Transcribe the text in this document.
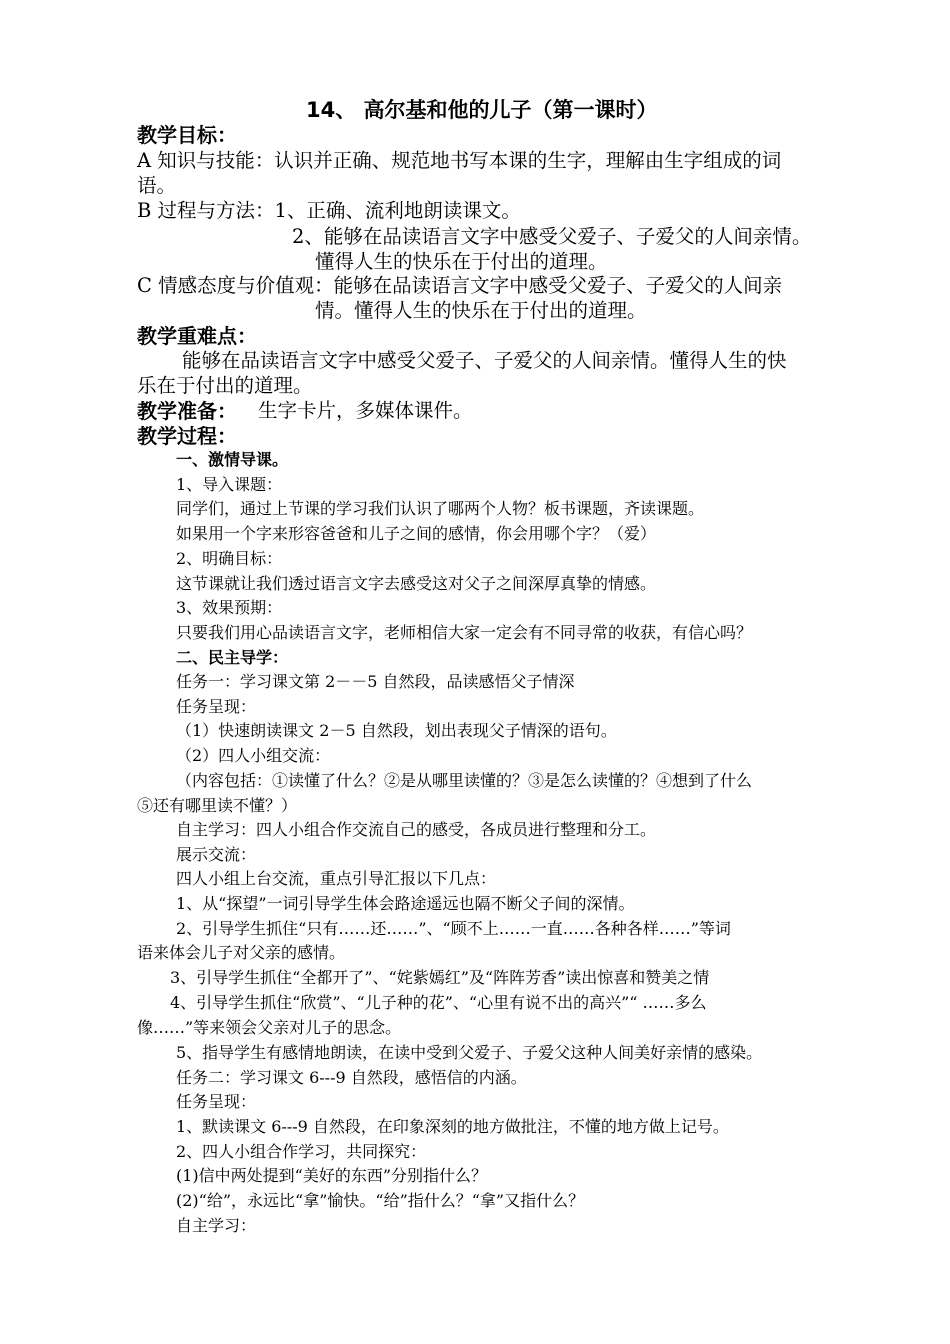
14、 高尔基和他的儿子（第一课时）
教学目标：
A 知识与技能：认识并正确、规范地书写本课的生字，理解由生字组成的词
语。
B 过程与方法：1、正确、流利地朗读课文。
2、能够在品读语言文字中感受父爱子、子爱父的人间亲情。
懂得人生的快乐在于付出的道理。
C 情感态度与价值观：能够在品读语言文字中感受父爱子、子爱父的人间亲
情。懂得人生的快乐在于付出的道理。
教学重难点：
能够在品读语言文字中感受父爱子、子爱父的人间亲情。懂得人生的快
乐在于付出的道理。
教学准备： 生字卡片，多媒体课件。
教学过程：
一、激情导课。
1、导入课题：
同学们，通过上节课的学习我们认识了哪两个人物？板书课题，齐读课题。
如果用一个字来形容爸爸和儿子之间的感情，你会用哪个字？（爱）
2、明确目标：
这节课就让我们透过语言文字去感受这对父子之间深厚真挚的情感。
3、效果预期：
只要我们用心品读语言文字，老师相信大家一定会有不同寻常的收获，有信心吗？
二、民主导学：
任务一：学习课文第 2－－5 自然段，品读感悟父子情深
任务呈现：
（1）快速朗读课文 2－5 自然段，划出表现父子情深的语句。
（2）四人小组交流：
（内容包括：①读懂了什么？②是从哪里读懂的？③是怎么读懂的？④想到了什么
⑤还有哪里读不懂？）
自主学习：四人小组合作交流自己的感受，各成员进行整理和分工。
展示交流：
四人小组上台交流，重点引导汇报以下几点：
1、从“探望”一词引导学生体会路途遥远也隔不断父子间的深情。
2、引导学生抓住“只有……还……”、“顾不上……一直……各种各样……”等词
语来体会儿子对父亲的感情。
3、引导学生抓住“全都开了”、“姹紫嫣红”及“阵阵芳香”读出惊喜和赞美之情
4、引导学生抓住“欣赏”、“儿子种的花”、“心里有说不出的高兴”“ ……多么
像……”等来领会父亲对儿子的思念。
5、指导学生有感情地朗读，在读中受到父爱子、子爱父这种人间美好亲情的感染。
任务二：学习课文 6---9 自然段，感悟信的内涵。
任务呈现：
1、默读课文 6---9 自然段，在印象深刻的地方做批注，不懂的地方做上记号。
2、四人小组合作学习，共同探究：
(1)信中两处提到“美好的东西”分别指什么？
(2)“给”，永远比“拿”愉快。“给”指什么？“拿”又指什么？
自主学习：
